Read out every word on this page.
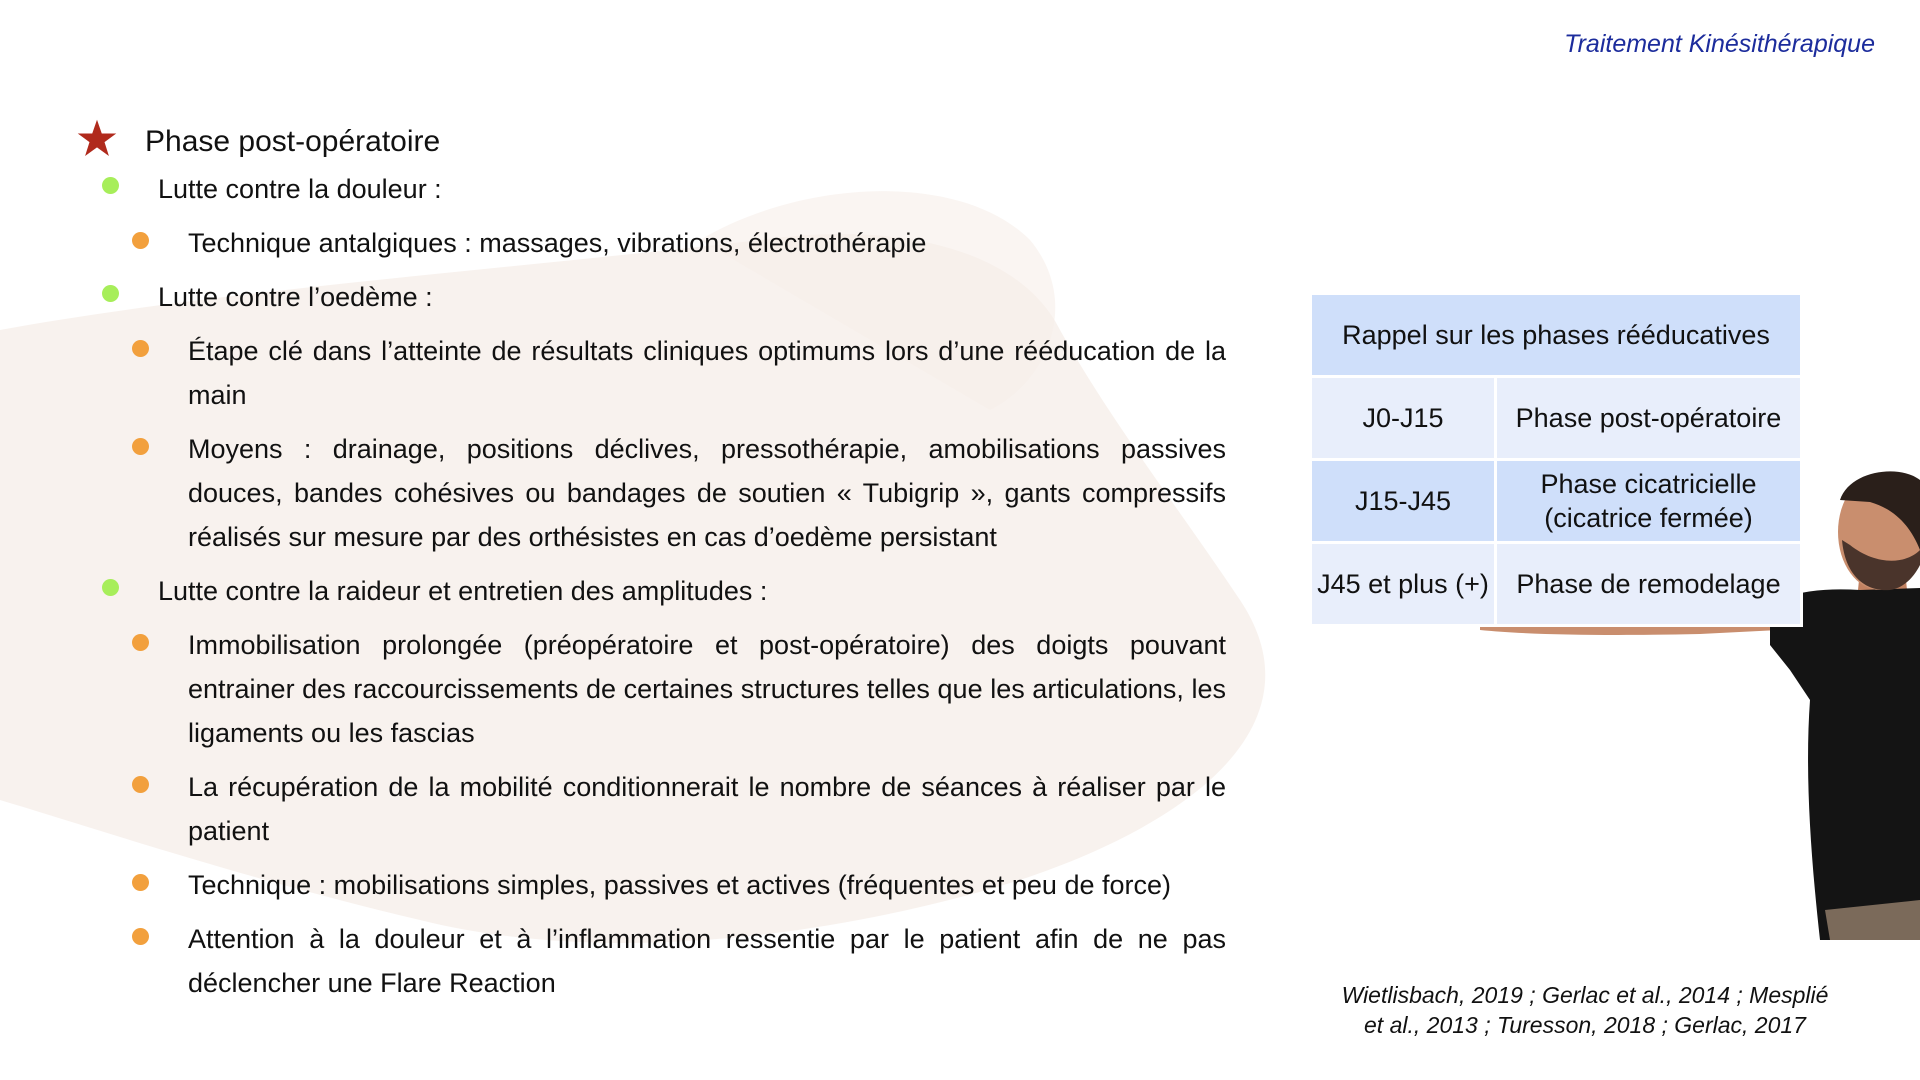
Traitement Kinésithérapique
Phase post-opératoire
Lutte contre la douleur :
Technique antalgiques : massages, vibrations, électrothérapie
Lutte contre l’oedème :
Étape clé dans l’atteinte de résultats cliniques optimums lors d’une rééducation de la main
Moyens : drainage, positions déclives, pressothérapie, amobilisations passives douces, bandes cohésives ou bandages de soutien « Tubigrip », gants compressifs réalisés sur mesure par des orthésistes en cas d’oedème persistant
Lutte contre la raideur et entretien des amplitudes :
Immobilisation prolongée (préopératoire et post-opératoire) des doigts pouvant entrainer des raccourcissements de certaines structures telles que les articulations, les ligaments ou les fascias
La récupération de la mobilité conditionnerait le nombre de séances à réaliser par le patient
Technique : mobilisations simples, passives et actives (fréquentes et peu de force)
Attention à la douleur et à l’inflammation ressentie par le patient afin de ne pas déclencher une Flare Reaction
Rappel sur les phases rééducatives	
J0-J15	Phase post-opératoire
J15-J45	Phase cicatricielle (cicatrice fermée)
J45 et plus (+)	Phase de remodelage
Wietlisbach, 2019 ; Gerlac et al., 2014 ; Mesplié
et al., 2013 ; Turesson, 2018 ; Gerlac, 2017
